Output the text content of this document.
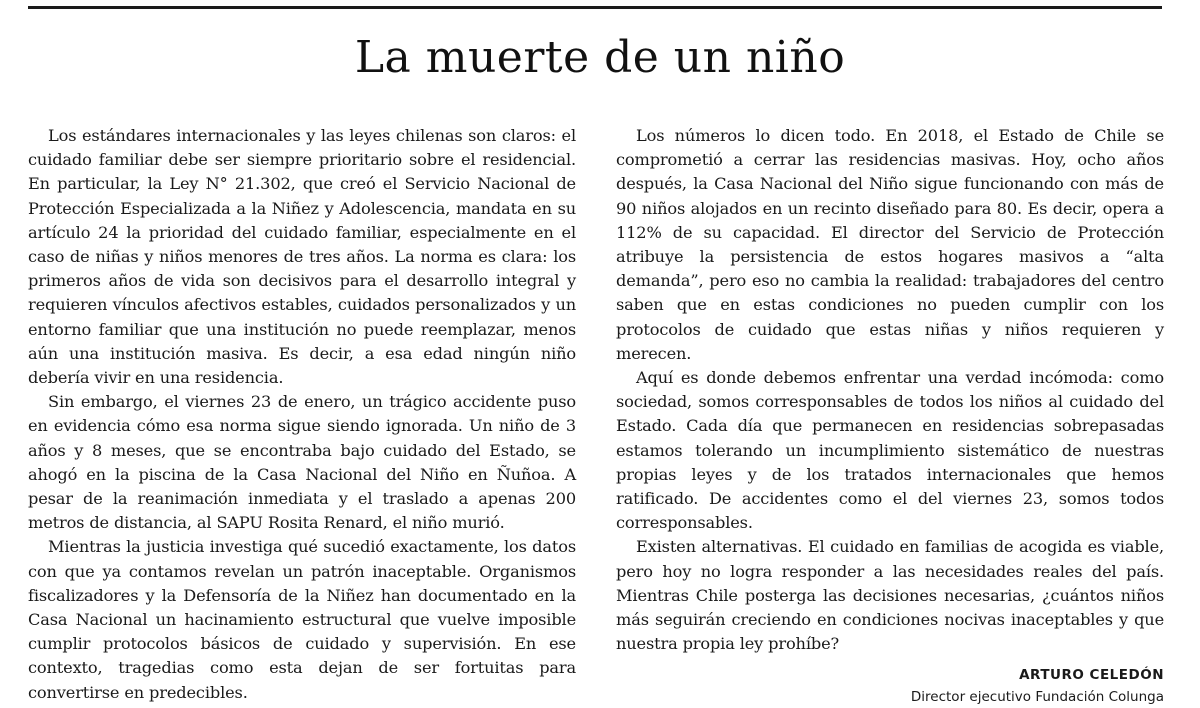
La muerte de un niño

Los estándares internacionales y las leyes chilenas son claros: el cuidado familiar debe ser siempre prioritario sobre el residencial. En particular, la Ley N° 21.302, que creó el Servicio Nacional de Protección Especializada a la Niñez y Adolescencia, mandata en su artículo 24 la prioridad del cuidado familiar, especialmente en el caso de niñas y niños menores de tres años. La norma es clara: los primeros años de vida son decisivos para el desarrollo integral y requieren vínculos afectivos estables, cuidados personalizados y un entorno familiar que una institución no puede reemplazar, menos aún una institución masiva. Es decir, a esa edad ningún niño debería vivir en una residencia.

Sin embargo, el viernes 23 de enero, un trágico accidente puso en evidencia cómo esa norma sigue siendo ignorada. Un niño de 3 años y 8 meses, que se encontraba bajo cuidado del Estado, se ahogó en la piscina de la Casa Nacional del Niño en Ñuñoa. A pesar de la reanimación inmediata y el traslado a apenas 200 metros de distancia, al SAPU Rosita Renard, el niño murió.

Mientras la justicia investiga qué sucedió exactamente, los datos con que ya contamos revelan un patrón inaceptable. Organismos fiscalizadores y la Defensoría de la Niñez han documentado en la Casa Nacional un hacinamiento estructural que vuelve imposible cumplir protocolos básicos de cuidado y supervisión. En ese contexto, tragedias como esta dejan de ser fortuitas para convertirse en predecibles.

Los números lo dicen todo. En 2018, el Estado de Chile se comprometió a cerrar las residencias masivas. Hoy, ocho años después, la Casa Nacional del Niño sigue funcionando con más de 90 niños alojados en un recinto diseñado para 80. Es decir, opera a 112% de su capacidad. El director del Servicio de Protección atribuye la persistencia de estos hogares masivos a “alta demanda”, pero eso no cambia la realidad: trabajadores del centro saben que en estas condiciones no pueden cumplir con los protocolos de cuidado que estas niñas y niños requieren y merecen.

Aquí es donde debemos enfrentar una verdad incómoda: como sociedad, somos corresponsables de todos los niños al cuidado del Estado. Cada día que permanecen en residencias sobrepasadas estamos tolerando un incumplimiento sistemático de nuestras propias leyes y de los tratados internacionales que hemos ratificado. De accidentes como el del viernes 23, somos todos corresponsables.

Existen alternativas. El cuidado en familias de acogida es viable, pero hoy no logra responder a las necesidades reales del país. Mientras Chile posterga las decisiones necesarias, ¿cuántos niños más seguirán creciendo en condiciones nocivas inaceptables y que nuestra propia ley prohíbe?

ARTURO CELEDÓN
Director ejecutivo Fundación Colunga
